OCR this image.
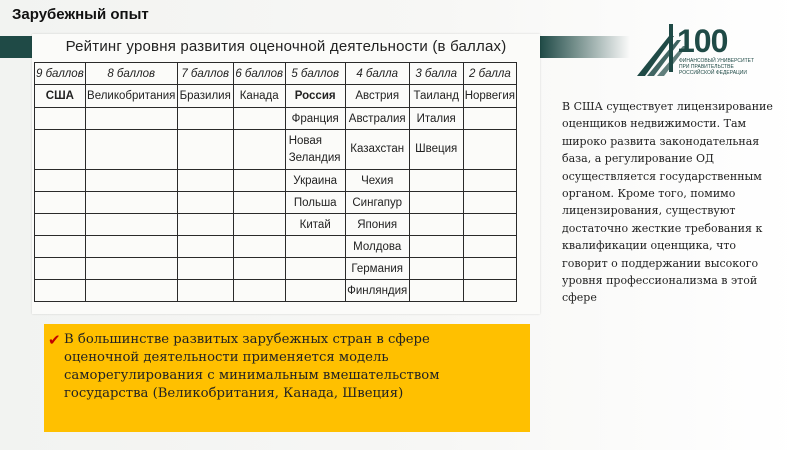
Зарубежный опыт
100
ФИНАНСОВЫЙ УНИВЕРСИТЕТ
ПРИ ПРАВИТЕЛЬСТВЕ
РОССИЙСКОЙ ФЕДЕРАЦИИ
Рейтинг уровня развития оценочной деятельности (в баллах)
9 баллов	8 баллов	7 баллов	6 баллов	5 баллов	4 балла	3 балла	2 балла
США	Великобритания	Бразилия	Канада	Россия	Австрия	Таиланд	Норвегия
				Франция	Австралия	Италия	
				Новая Зеландия	Казахстан	Швеция	
				Украина	Чехия		
				Польша	Сингапур		
				Китай	Япония		
					Молдова		
					Германия		
					Финляндия		
✔ В большинстве развитых зарубежных стран в сфере оценочной деятельности применяется модель саморегулирования с минимальным вмешательством государства (Великобритания, Канада, Швеция)
В США существует лицензирование оценщиков недвижимости. Там широко развита законодательная база, а регулирование ОД осуществляется государственным органом. Кроме того, помимо лицензирования, существуют достаточно жесткие требования к квалификации оценщика, что говорит о поддержании высокого уровня профессионализма в этой сфере
